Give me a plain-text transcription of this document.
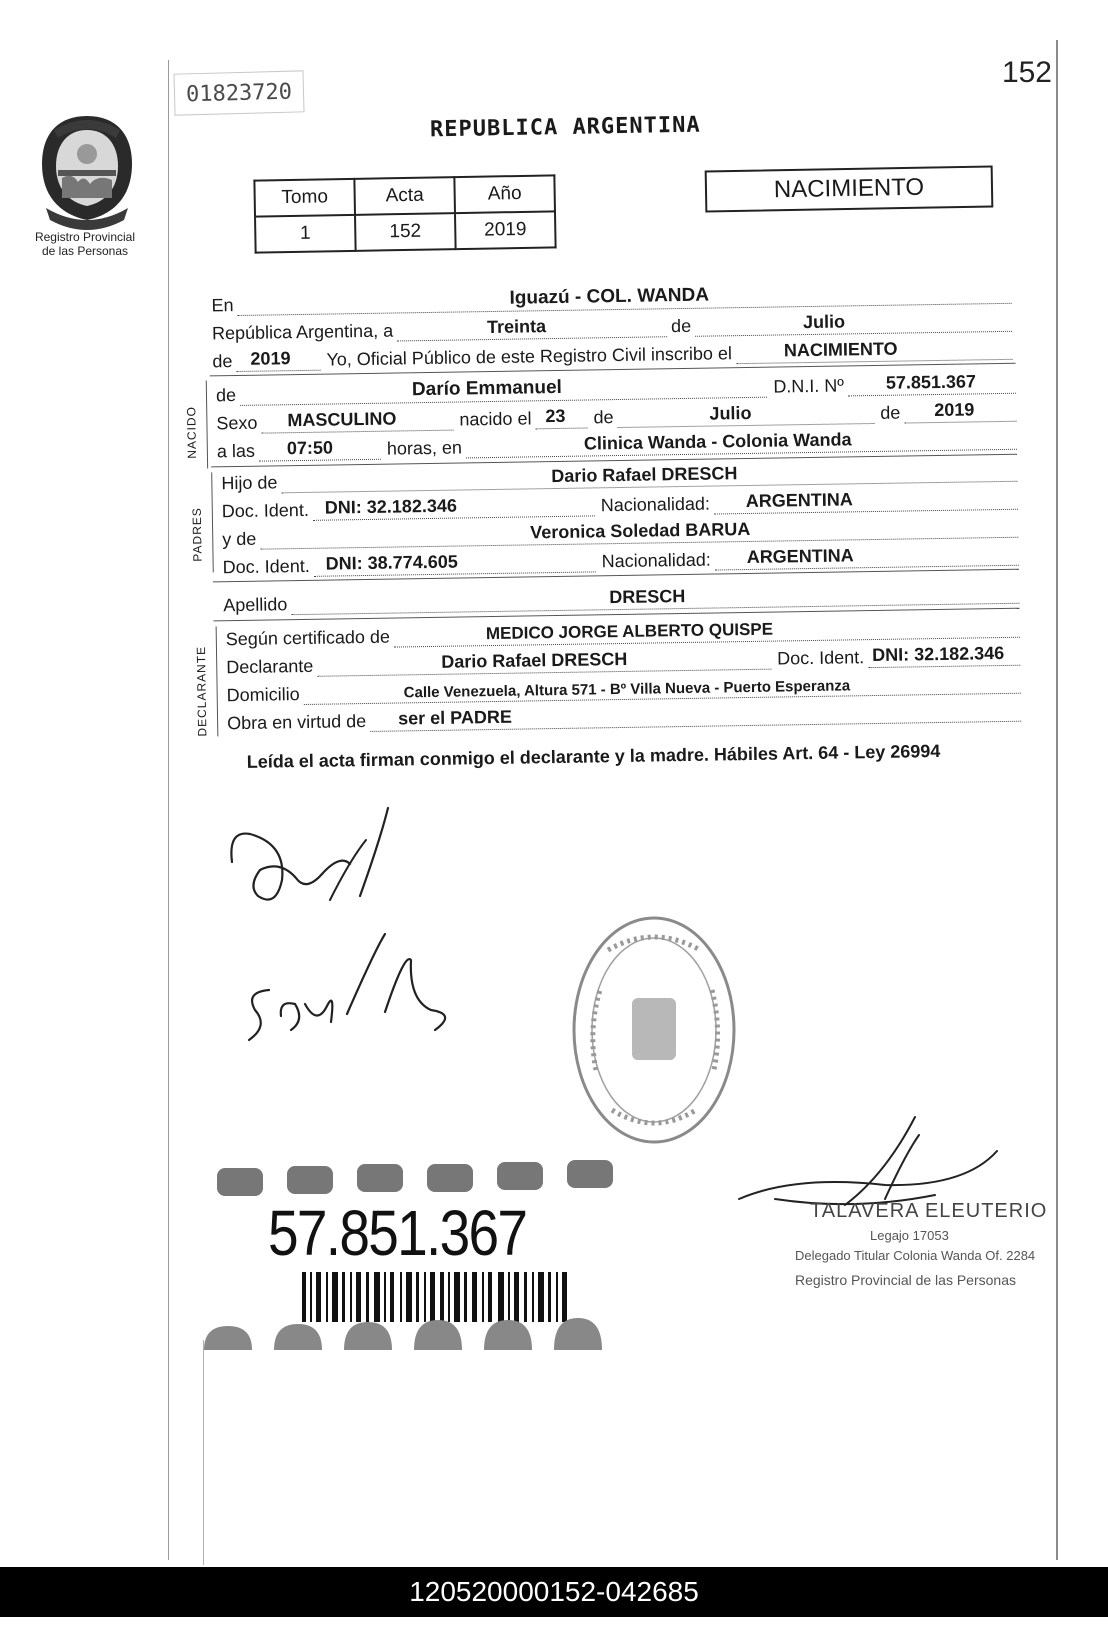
01823720
152
Registro Provincial
de las Personas
REPUBLICA ARGENTINA
Tomo	Acta	Año
1	152	2019
NACIMIENTO
En	Iguazú - COL. WANDA
República Argentina, a	Treinta	de	Julio
de 2019	Yo, Oficial Público de este Registro Civil inscribo el	NACIMIENTO
NACIDO
de	Darío Emmanuel	D.N.I. Nº 57.851.367
Sexo MASCULINO	nacido el 23	de	Julio	de 2019
a las 07:50	horas, en	Clinica Wanda - Colonia Wanda
PADRES
Hijo de	Dario Rafael DRESCH
Doc. Ident. DNI: 32.182.346	Nacionalidad: ARGENTINA
y de	Veronica Soledad BARUA
Doc. Ident. DNI: 38.774.605	Nacionalidad: ARGENTINA
Apellido	DRESCH
DECLARANTE
Según certificado de	MEDICO JORGE ALBERTO QUISPE
Declarante	Dario Rafael DRESCH	Doc. Ident. DNI: 32.182.346
Domicilio	Calle Venezuela, Altura 571 - Bº Villa Nueva - Puerto Esperanza
Obra en virtud de ser el PADRE
Leída el acta firman conmigo el declarante y la madre. Hábiles Art. 64 - Ley 26994
57.851.367	TALAVERA ELEUTERIO
Legajo 17053
Delegado Titular Colonia Wanda Of. 2284
Registro Provincial de las Personas
120520000152-042685
